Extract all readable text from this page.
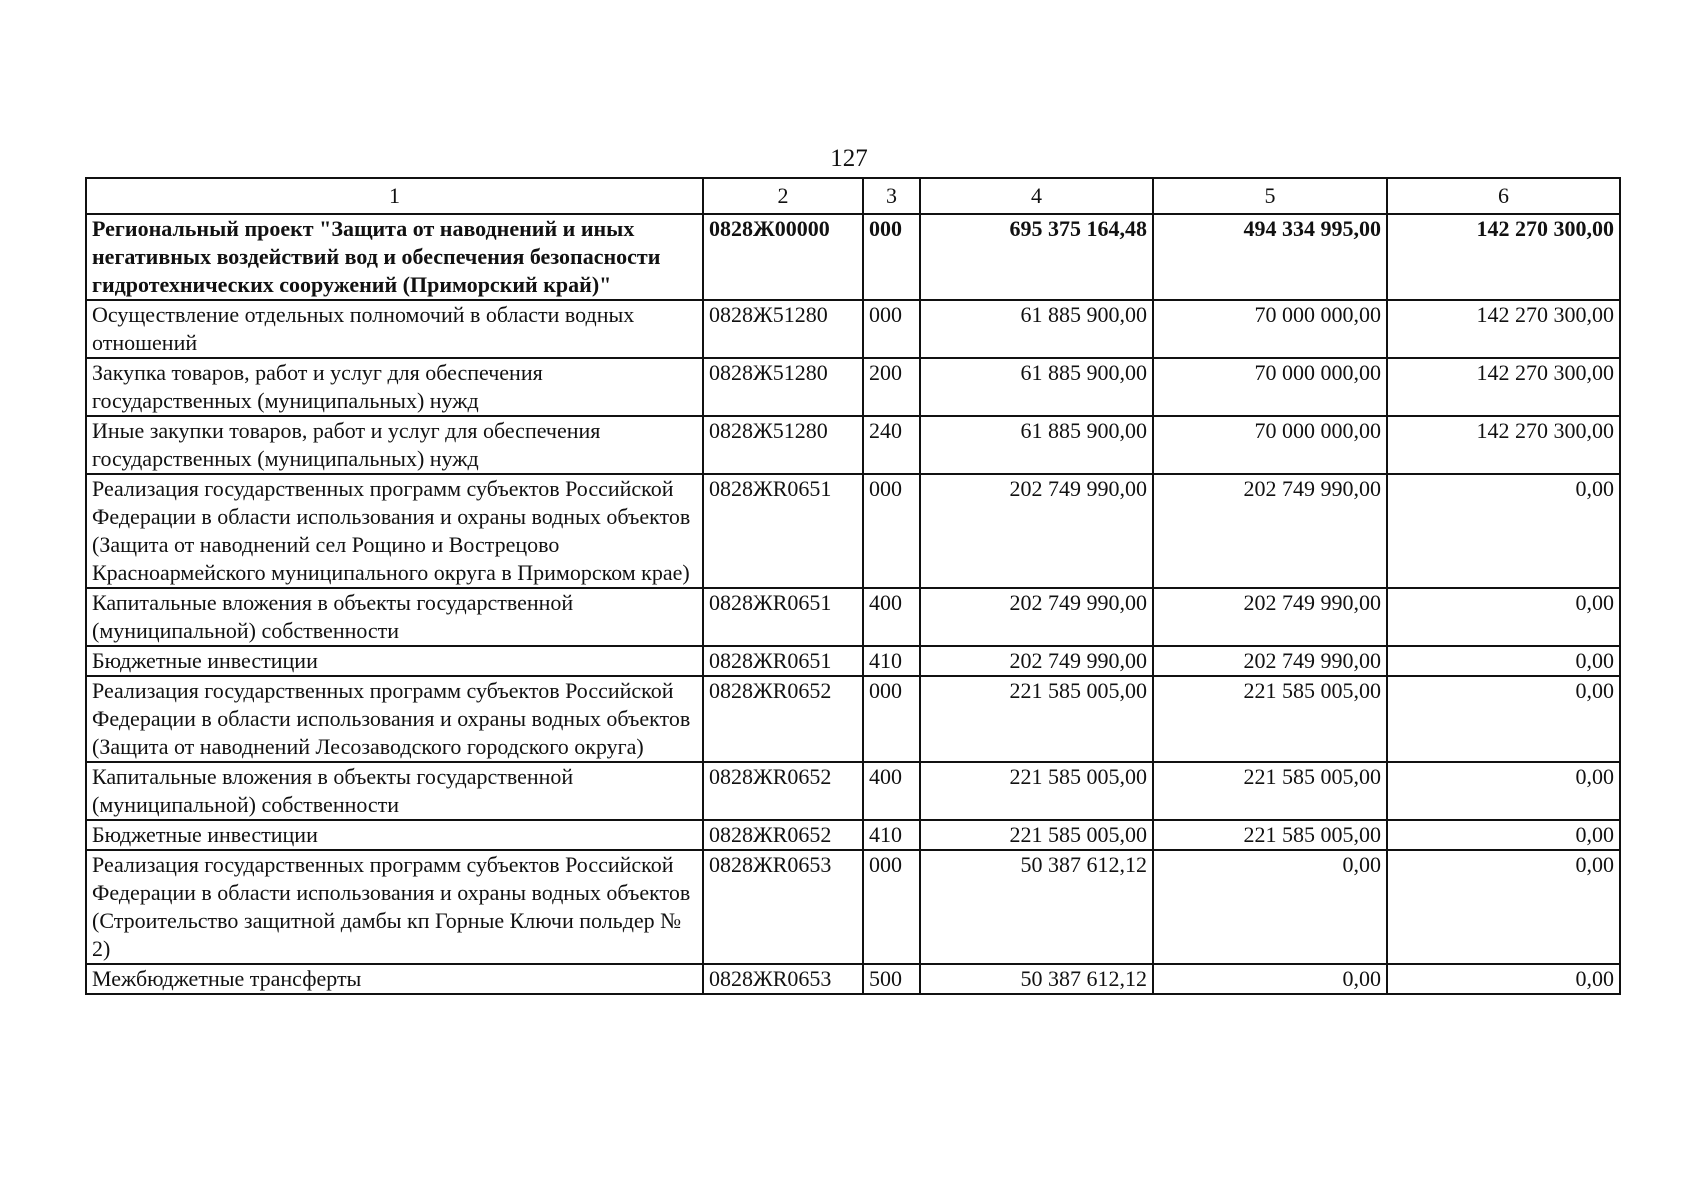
127
1	2	3	4	5	6
Региональный проект "Защита от наводнений и иных негативных воздействий вод и обеспечения безопасности гидротехнических сооружений (Приморский край)"	0828Ж00000	000	695 375 164,48	494 334 995,00	142 270 300,00
Осуществление отдельных полномочий в области водных отношений	0828Ж51280	000	61 885 900,00	70 000 000,00	142 270 300,00
Закупка товаров, работ и услуг для обеспечения государственных (муниципальных) нужд	0828Ж51280	200	61 885 900,00	70 000 000,00	142 270 300,00
Иные закупки товаров, работ и услуг для обеспечения государственных (муниципальных) нужд	0828Ж51280	240	61 885 900,00	70 000 000,00	142 270 300,00
Реализация государственных программ субъектов Российской Федерации в области использования и охраны водных объектов (Защита от наводнений сел Рощино и Вострецово Красноармейского муниципального округа в Приморском крае)	0828ЖR0651	000	202 749 990,00	202 749 990,00	0,00
Капитальные вложения в объекты государственной (муниципальной) собственности	0828ЖR0651	400	202 749 990,00	202 749 990,00	0,00
Бюджетные инвестиции	0828ЖR0651	410	202 749 990,00	202 749 990,00	0,00
Реализация государственных программ субъектов Российской Федерации в области использования и охраны водных объектов (Защита от наводнений Лесозаводского городского округа)	0828ЖR0652	000	221 585 005,00	221 585 005,00	0,00
Капитальные вложения в объекты государственной (муниципальной) собственности	0828ЖR0652	400	221 585 005,00	221 585 005,00	0,00
Бюджетные инвестиции	0828ЖR0652	410	221 585 005,00	221 585 005,00	0,00
Реализация государственных программ субъектов Российской Федерации в области использования и охраны водных объектов (Строительство защитной дамбы кп Горные Ключи польдер № 2)	0828ЖR0653	000	50 387 612,12	0,00	0,00
Межбюджетные трансферты	0828ЖR0653	500	50 387 612,12	0,00	0,00
